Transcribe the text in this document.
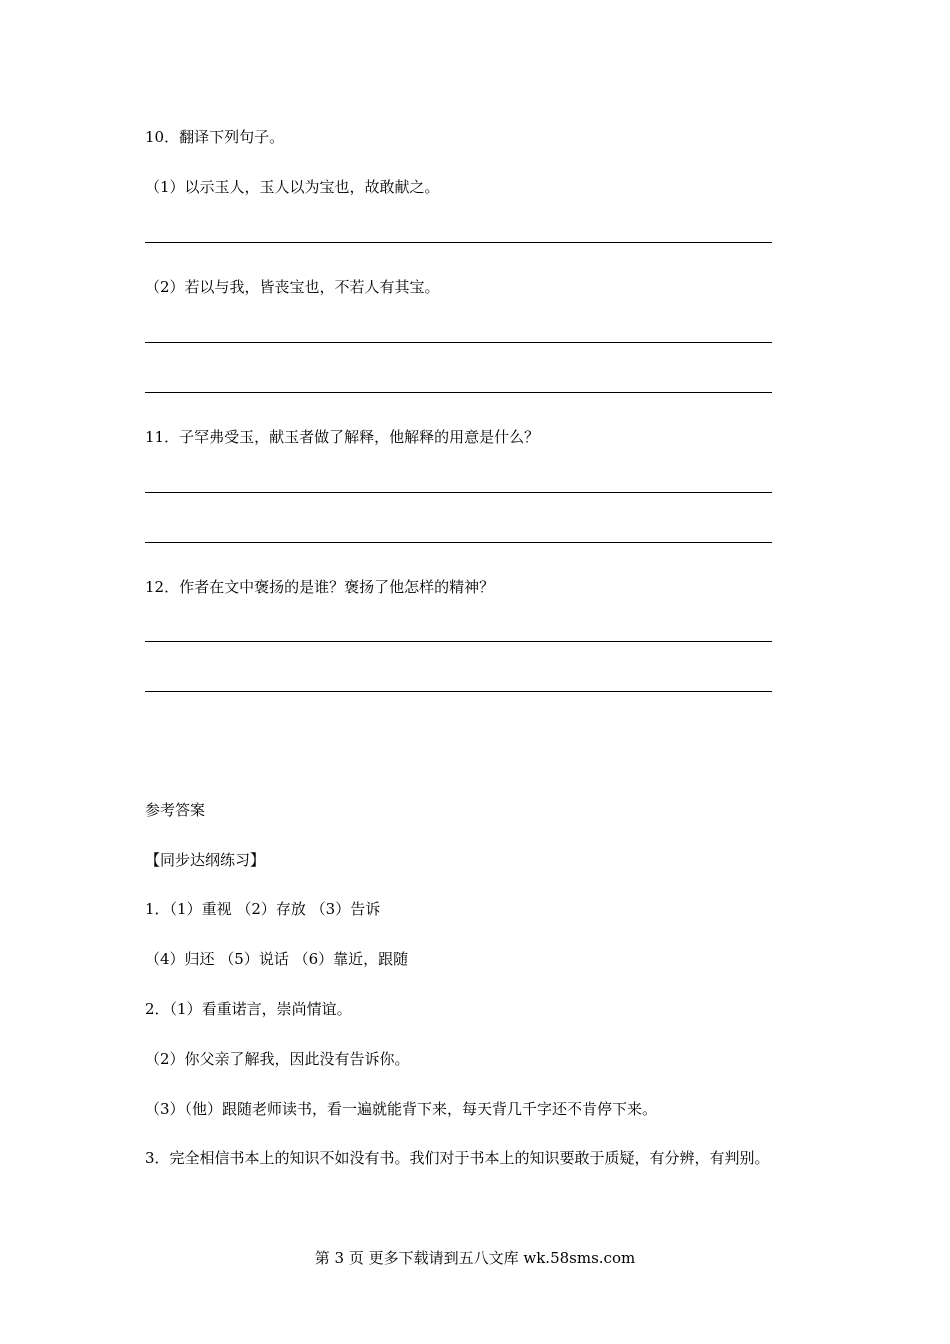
10．翻译下列句子。
（1）以示玉人，玉人以为宝也，故敢献之。
（2）若以与我，皆丧宝也，不若人有其宝。
11．子罕弗受玉，献玉者做了解释，他解释的用意是什么？
12．作者在文中褒扬的是谁？褒扬了他怎样的精神？
参考答案
【同步达纲练习】
1．（1）重视 （2）存放 （3）告诉
（4）归还 （5）说话 （6）靠近，跟随
2．（1）看重诺言，崇尚情谊。
（2）你父亲了解我，因此没有告诉你。
（3）（他）跟随老师读书，看一遍就能背下来，每天背几千字还不肯停下来。
3．完全相信书本上的知识不如没有书。我们对于书本上的知识要敢于质疑，有分辨，有判别。
第 3 页 更多下载请到五八文库 wk.58sms.com
